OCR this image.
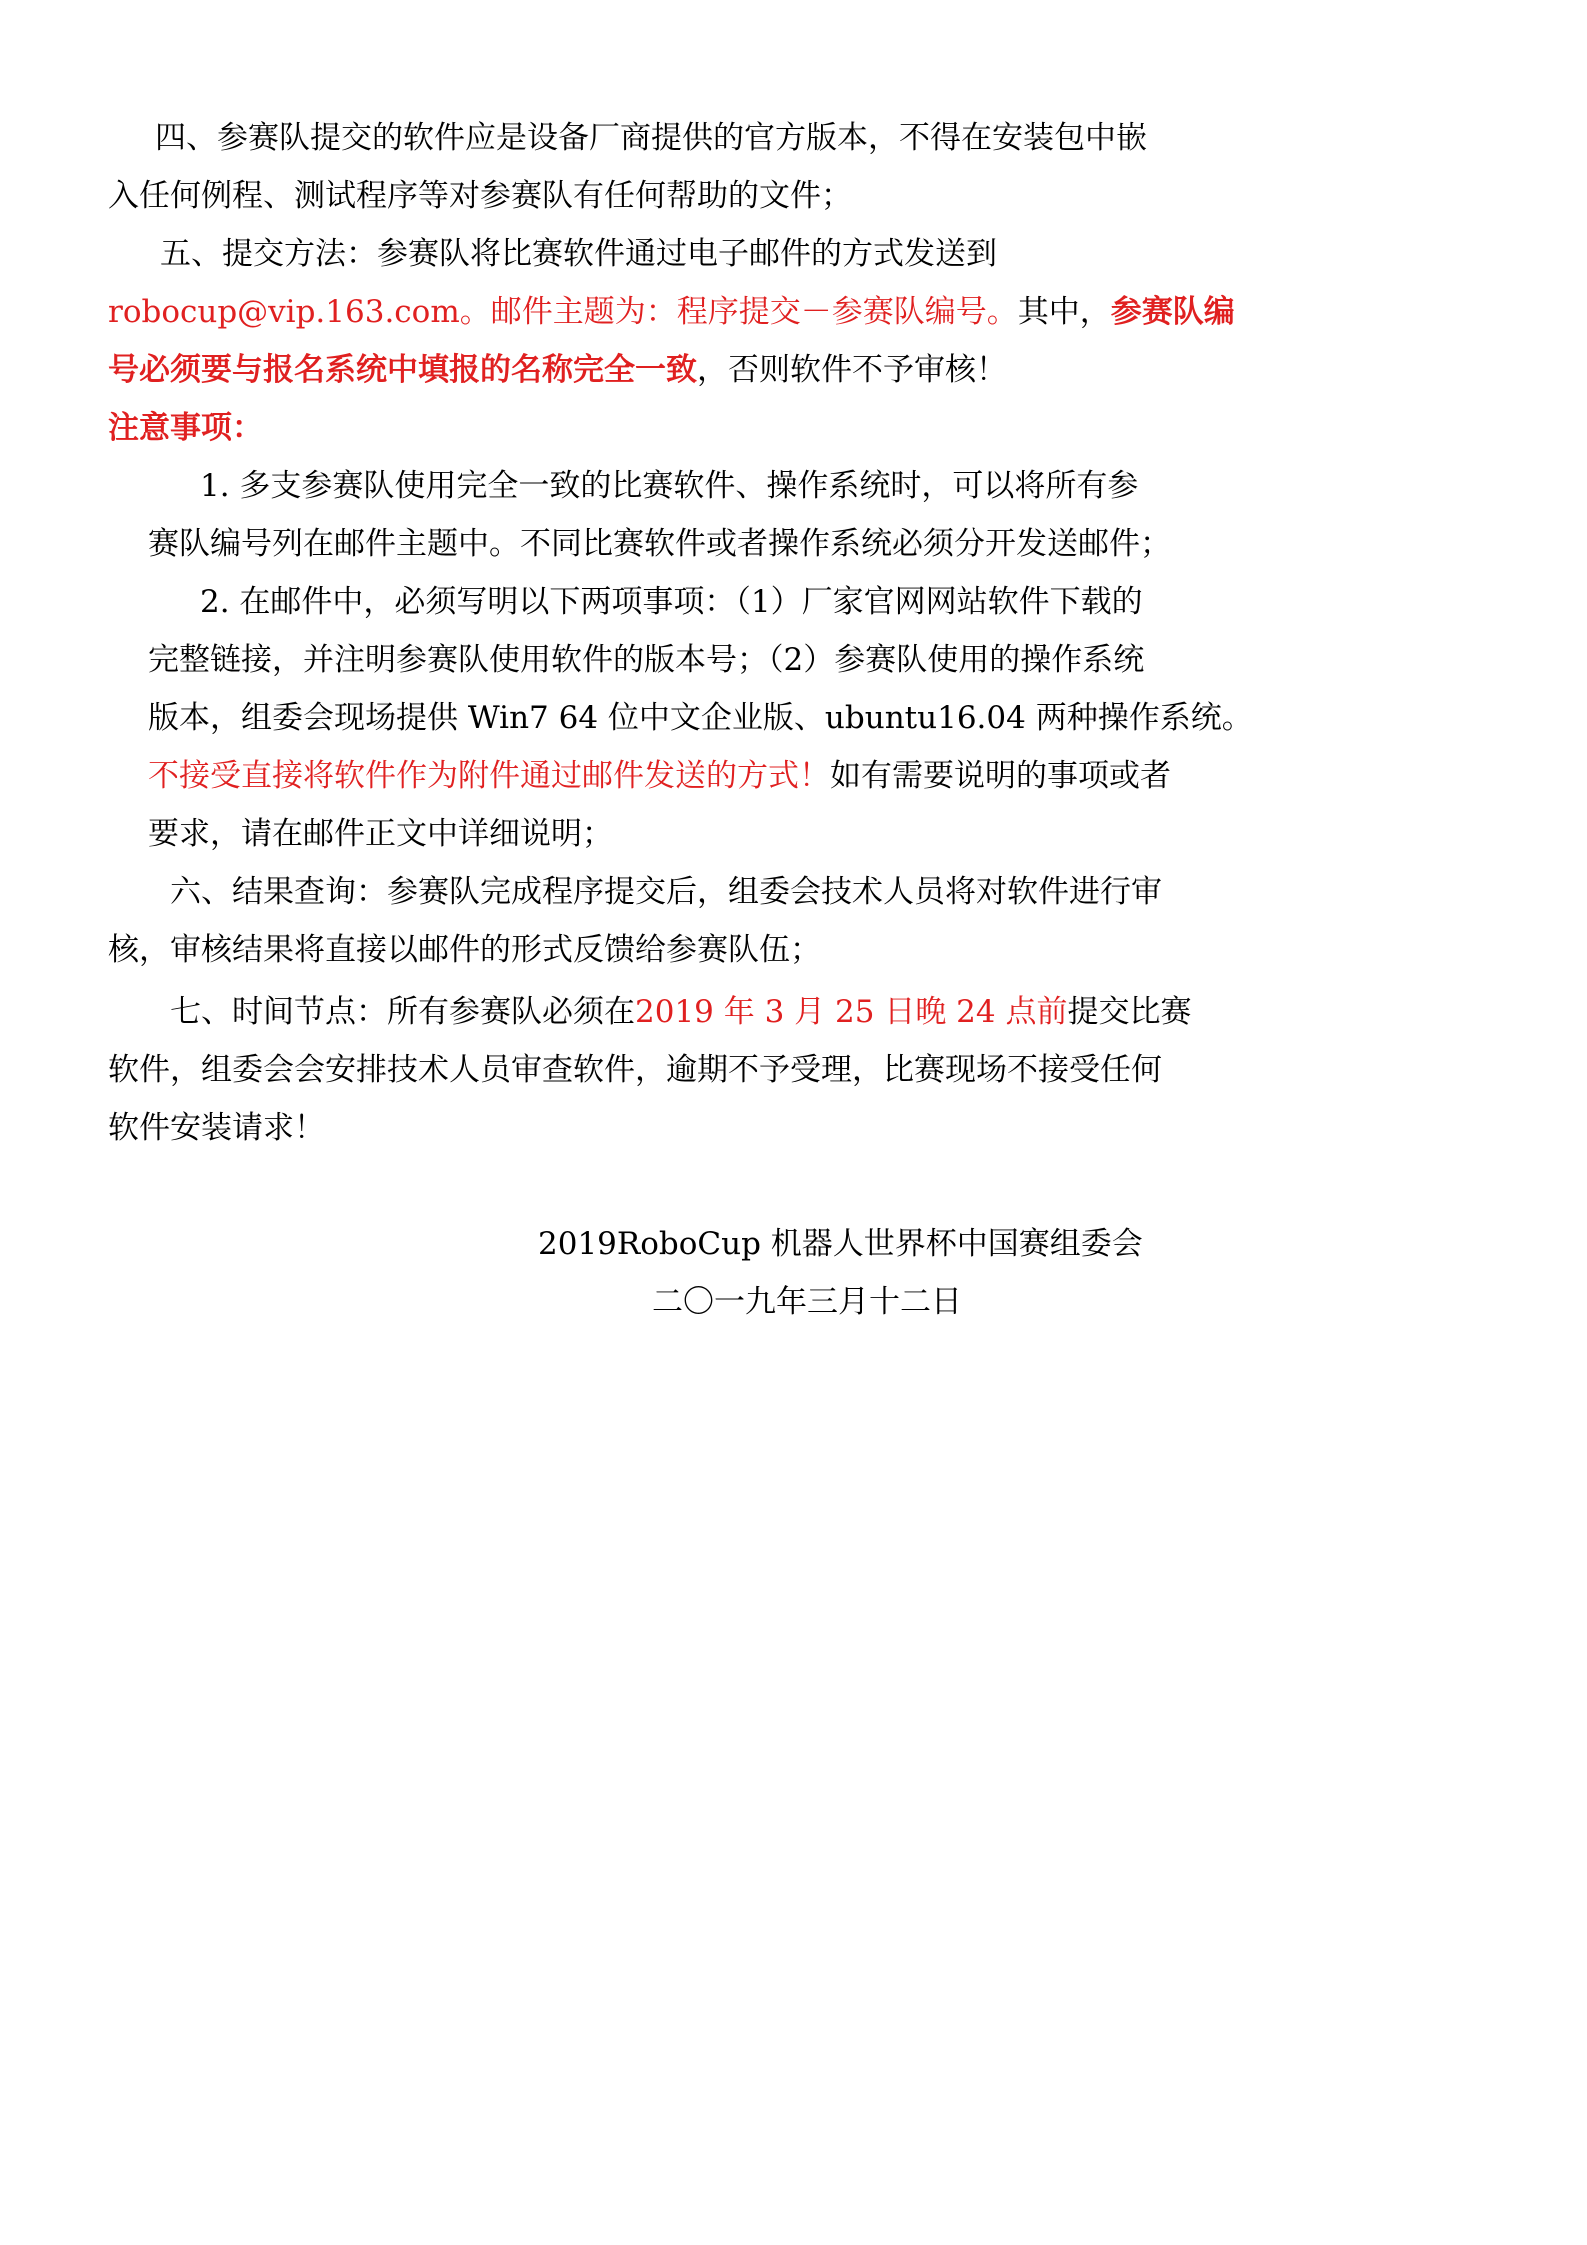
四、参赛队提交的软件应是设备厂商提供的官方版本，不得在安装包中嵌
入任何例程、测试程序等对参赛队有任何帮助的文件；
五、提交方法：参赛队将比赛软件通过电子邮件的方式发送到
robocup@vip.163.com。邮件主题为：程序提交－参赛队编号。其中，参赛队编
号必须要与报名系统中填报的名称完全一致，否则软件不予审核！
注意事项：
1. 多支参赛队使用完全一致的比赛软件、操作系统时，可以将所有参
赛队编号列在邮件主题中。不同比赛软件或者操作系统必须分开发送邮件；
2. 在邮件中，必须写明以下两项事项：（1）厂家官网网站软件下载的
完整链接，并注明参赛队使用软件的版本号；（2）参赛队使用的操作系统
版本，组委会现场提供 Win7 64 位中文企业版、ubuntu16.04 两种操作系统。
不接受直接将软件作为附件通过邮件发送的方式！如有需要说明的事项或者
要求，请在邮件正文中详细说明；
六、结果查询：参赛队完成程序提交后，组委会技术人员将对软件进行审
核，审核结果将直接以邮件的形式反馈给参赛队伍；
七、时间节点：所有参赛队必须在2019 年 3 月 25 日晚 24 点前提交比赛
软件，组委会会安排技术人员审查软件，逾期不予受理，比赛现场不接受任何
软件安装请求！
2019RoboCup 机器人世界杯中国赛组委会
二〇一九年三月十二日
